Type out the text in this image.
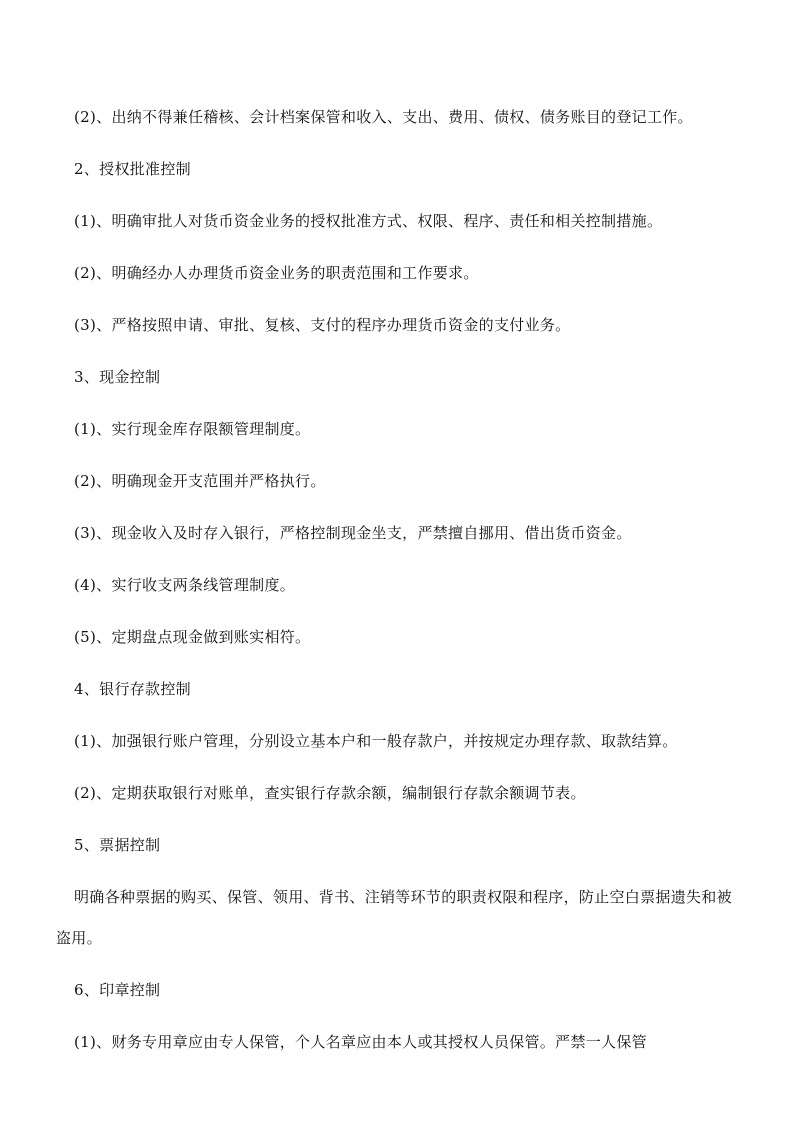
(2)、出纳不得兼任稽核、会计档案保管和收入、支出、费用、债权、债务账目的登记工作。

2、授权批准控制

(1)、明确审批人对货币资金业务的授权批准方式、权限、程序、责任和相关控制措施。

(2)、明确经办人办理货币资金业务的职责范围和工作要求。

(3)、严格按照申请、审批、复核、支付的程序办理货币资金的支付业务。

3、现金控制

(1)、实行现金库存限额管理制度。

(2)、明确现金开支范围并严格执行。

(3)、现金收入及时存入银行，严格控制现金坐支，严禁擅自挪用、借出货币资金。

(4)、实行收支两条线管理制度。

(5)、定期盘点现金做到账实相符。

4、银行存款控制

(1)、加强银行账户管理，分别设立基本户和一般存款户，并按规定办理存款、取款结算。

(2)、定期获取银行对账单，查实银行存款余额，编制银行存款余额调节表。

5、票据控制

明确各种票据的购买、保管、领用、背书、注销等环节的职责权限和程序，防止空白票据遗失和被盗用。

6、印章控制

(1)、财务专用章应由专人保管，个人名章应由本人或其授权人员保管。严禁一人保管
